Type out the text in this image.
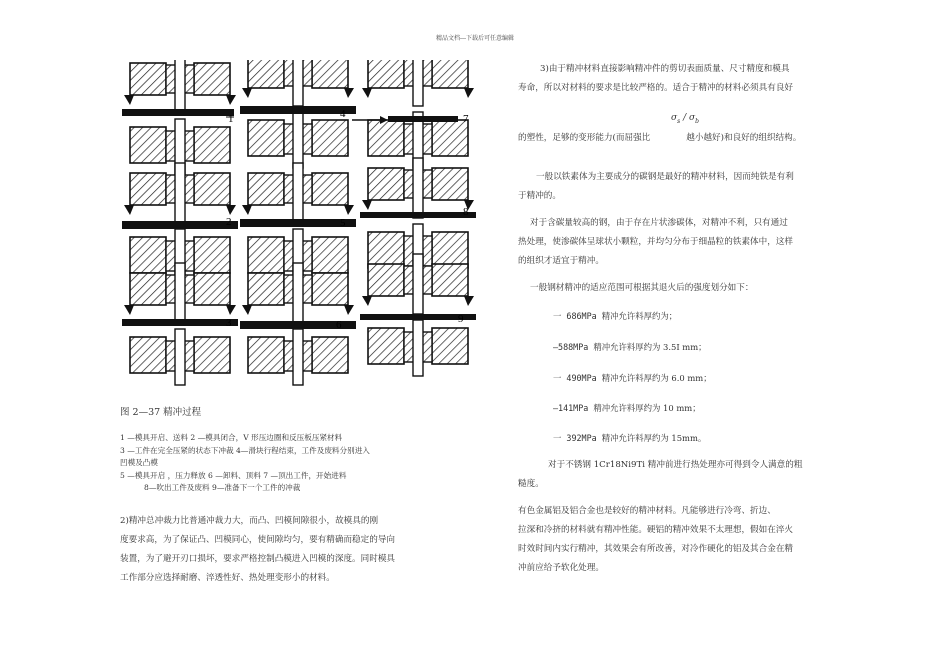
精品文档---下载后可任意编辑
1	4	7
2	5
8
3	6	9
图 2—37 精冲过程
1 —模具开启、送料 2 —模具闭合，V 形压边圈和反压板压紧材料
3 —工件在完全压紧的状态下冲裁 4—滑块行程结束，工件及废料分别进入
凹模及凸模
5 —模具开启 ，压力释放 6 —卸料、顶料 7 —顶出工件，开始进料
8—吹出工件及废料 9—准备下一个工件的冲裁
2)精冲总冲裁力比普通冲裁力大，而凸、凹模间隙很小，故模具的刚
度要求高，为了保证凸、凹模同心，使间隙均匀，要有精确而稳定的导向
装置，为了避开刃口损坏，要求严格控制凸模进入凹模的深度。同时模具
工作部分应选择耐磨、淬透性好、热处理变形小的材料。
3)由于精冲材料直接影响精冲件的剪切表面质量、尺寸精度和模具
寿命，所以对材料的要求是比较严格的。适合于精冲的材料必须具有良好
$\sigma_s / \sigma_b$
的塑性，足够的变形能力(而屈强比	越小越好)和良好的组织结构。
一般以铁素体为主要成分的碳钢是最好的精冲材料，因而纯铁是有利
于精冲的。
对于含碳量较高的钢，由于存在片状渗碳体，对精冲不利，只有通过
热处理，使渗碳体呈球状小颗粒，并均匀分布于细晶粒的铁素体中，这样
的组织才适宜于精冲。
一般钢材精冲的适应范围可根据其退火后的强度划分如下：
一 686MPa 精冲允许料厚约为；
—588MPa 精冲允许料厚约为 3.5I mm；
一 490MPa 精冲允许料厚约为 6.0 mm；
—141MPa 精冲允许料厚约为 10 mm；
一 392MPa 精冲允许料厚约为 15mm。
对于不锈钢 1Cr18Ni9Ti 精冲前进行热处理亦可得到令人满意的粗
糙度。
有色金属铝及铝合金也是较好的精冲材料。凡能够进行冷弯、折边、
拉深和冷挤的材料就有精冲性能。硬铝的精冲效果不太理想，假如在淬火
时效时间内实行精冲，其效果会有所改善，对冷作硬化的铝及其合金在精
冲前应给予软化处理。
